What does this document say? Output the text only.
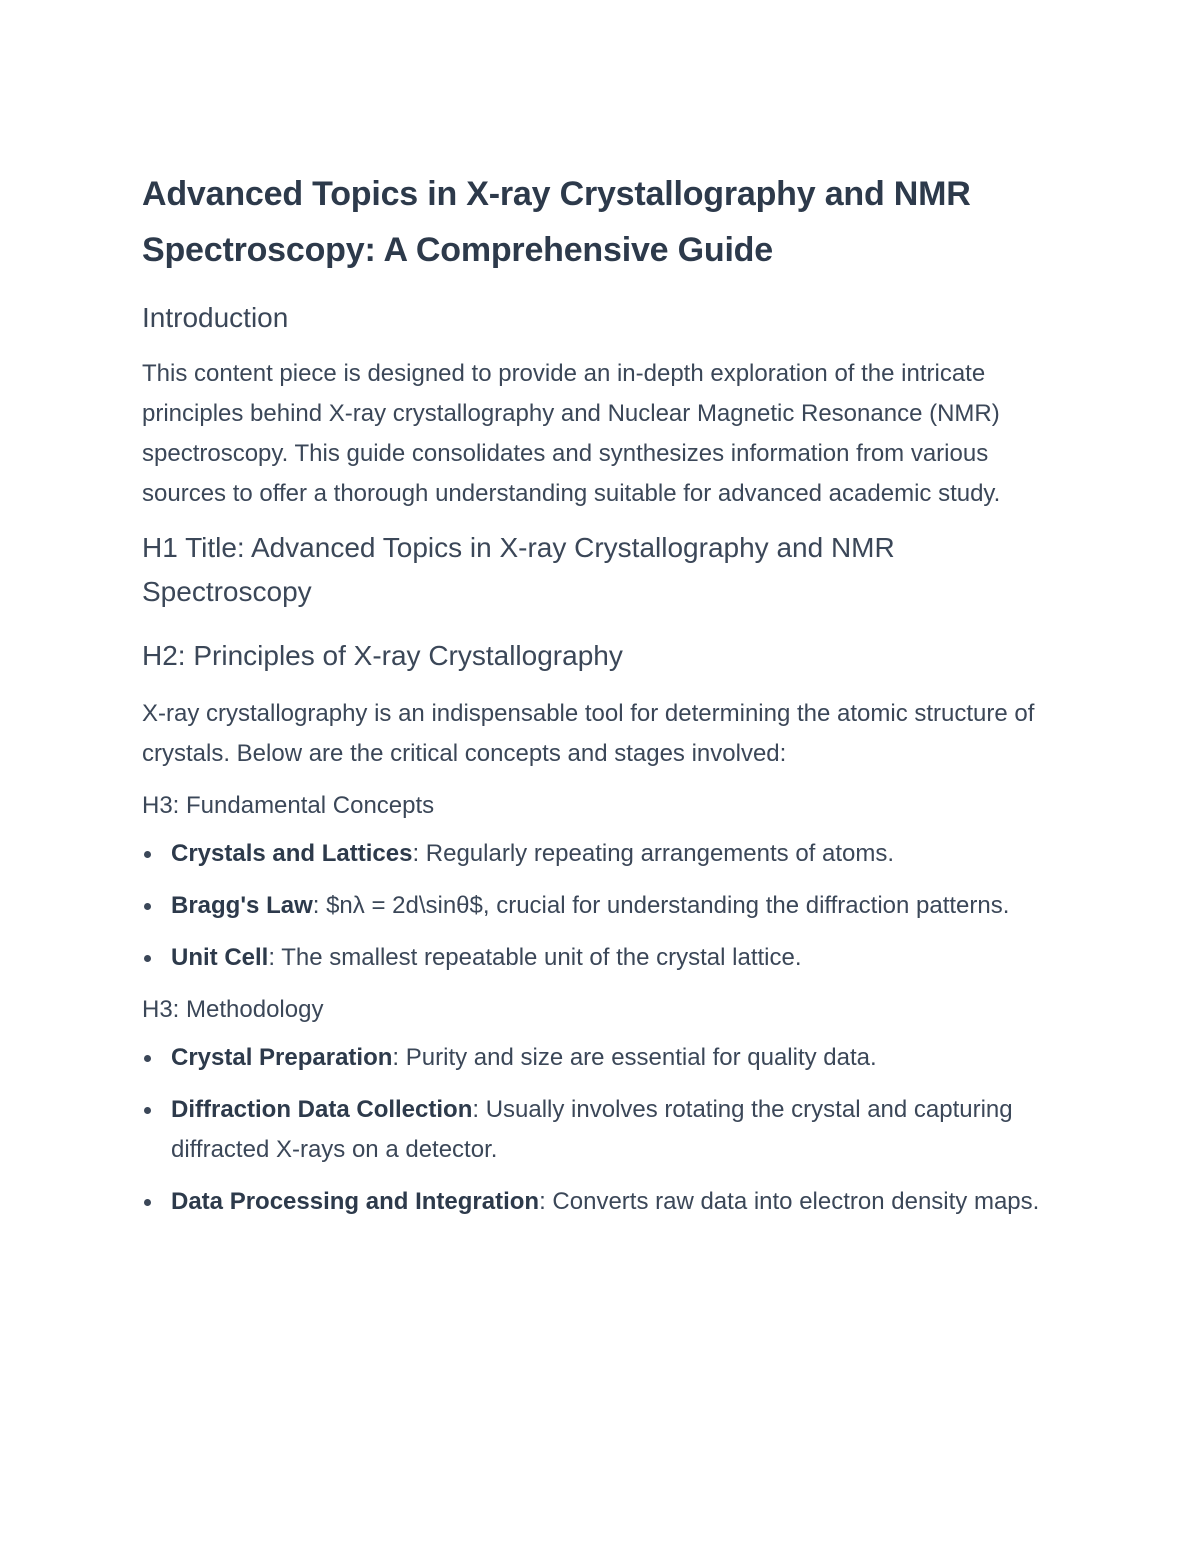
Advanced Topics in X-ray Crystallography and NMR Spectroscopy: A Comprehensive Guide
Introduction

This content piece is designed to provide an in-depth exploration of the intricate principles behind X-ray crystallography and Nuclear Magnetic Resonance (NMR) spectroscopy. This guide consolidates and synthesizes information from various sources to offer a thorough understanding suitable for advanced academic study.

H1 Title: Advanced Topics in X-ray Crystallography and NMR Spectroscopy
H2: Principles of X-ray Crystallography

X-ray crystallography is an indispensable tool for determining the atomic structure of crystals. Below are the critical concepts and stages involved:

H3: Fundamental Concepts
Crystals and Lattices: Regularly repeating arrangements of atoms.
Bragg's Law: $nλ = 2d\sinθ$, crucial for understanding the diffraction patterns.
Unit Cell: The smallest repeatable unit of the crystal lattice.
H3: Methodology
Crystal Preparation: Purity and size are essential for quality data.
Diffraction Data Collection: Usually involves rotating the crystal and capturing diffracted X-rays on a detector.
Data Processing and Integration: Converts raw data into electron density maps.
